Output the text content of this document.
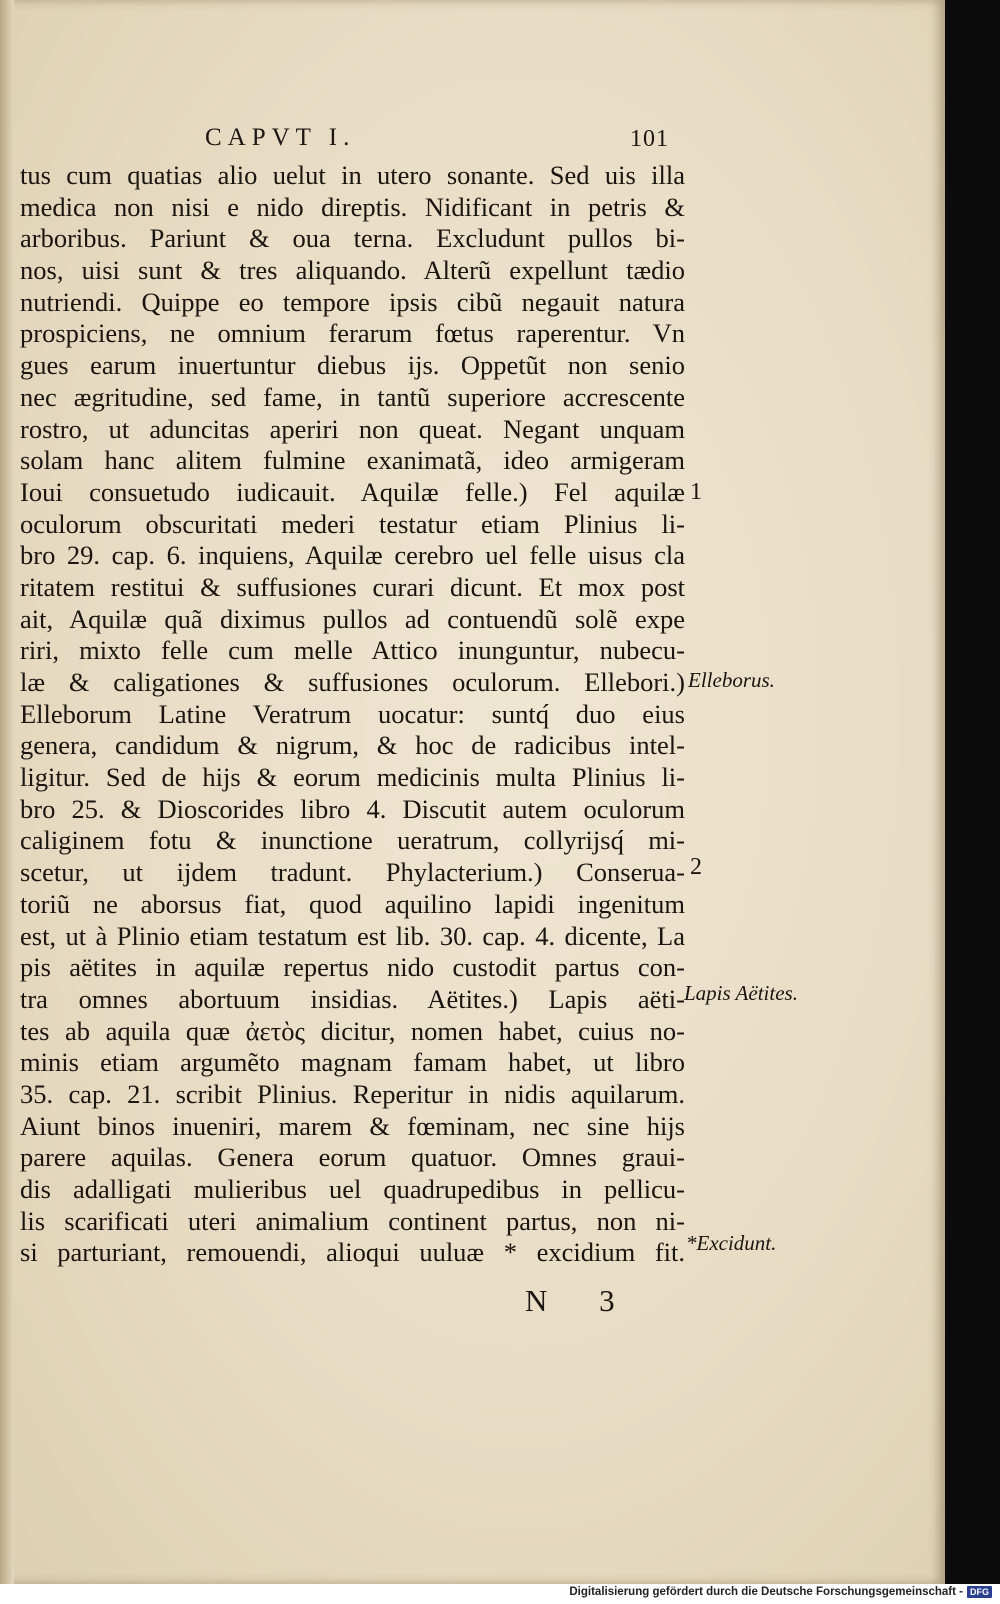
CAPVT I.	101
tus cum quatias alio uelut in utero sonante. Sed uis illa
medica non nisi e nido direptis. Nidificant in petris &
arboribus. Pariunt & oua terna. Excludunt pullos bi-
nos, uisi sunt & tres aliquando. Alterũ expellunt tædio
nutriendi. Quippe eo tempore ipsis cibũ negauit natura
prospiciens, ne omnium ferarum fœtus raperentur. Vn
gues earum inuertuntur diebus ijs. Oppetũt non senio
nec ægritudine, sed fame, in tantũ superiore accrescente
rostro, ut aduncitas aperiri non queat. Negant unquam
solam hanc alitem fulmine exanimatã, ideo armigeram
Ioui consuetudo iudicauit. Aquilæ felle.) Fel aquilæ
oculorum obscuritati mederi testatur etiam Plinius li-
bro 29. cap. 6. inquiens, Aquilæ cerebro uel felle uisus cla
ritatem restitui & suffusiones curari dicunt. Et mox post
ait, Aquilæ quã diximus pullos ad contuendũ solẽ expe
riri, mixto felle cum melle Attico inunguntur, nubecu-
læ & caligationes & suffusiones oculorum. Ellebori.)
Elleborum Latine Veratrum uocatur: suntq́ duo eius
genera, candidum & nigrum, & hoc de radicibus intel-
ligitur. Sed de hijs & eorum medicinis multa Plinius li-
bro 25. & Dioscorides libro 4. Discutit autem oculorum
caliginem fotu & inunctione ueratrum, collyrijsq́ mi-
scetur, ut ijdem tradunt. Phylacterium.) Conserua-
toriũ ne aborsus fiat, quod aquilino lapidi ingenitum
est, ut à Plinio etiam testatum est lib. 30. cap. 4. dicente, La
pis aëtites in aquilæ repertus nido custodit partus con-
tra omnes abortuum insidias. Aëtites.) Lapis aëti-
tes ab aquila quæ ἀετὸς dicitur, nomen habet, cuius no-
minis etiam argumẽto magnam famam habet, ut libro
35. cap. 21. scribit Plinius. Reperitur in nidis aquilarum.
Aiunt binos inueniri, marem & fœminam, nec sine hijs
parere aquilas. Genera eorum quatuor. Omnes graui-
dis adalligati mulieribus uel quadrupedibus in pellicu-
lis scarificati uteri animalium continent partus, non ni-
si parturiant, remouendi, alioqui uuluæ * excidium fit.
1
Elleborus.
2
Lapis Aëtites.
*Excidunt.
N 3
Digitalisierung gefördert durch die Deutsche Forschungsgemeinschaft - DFG
